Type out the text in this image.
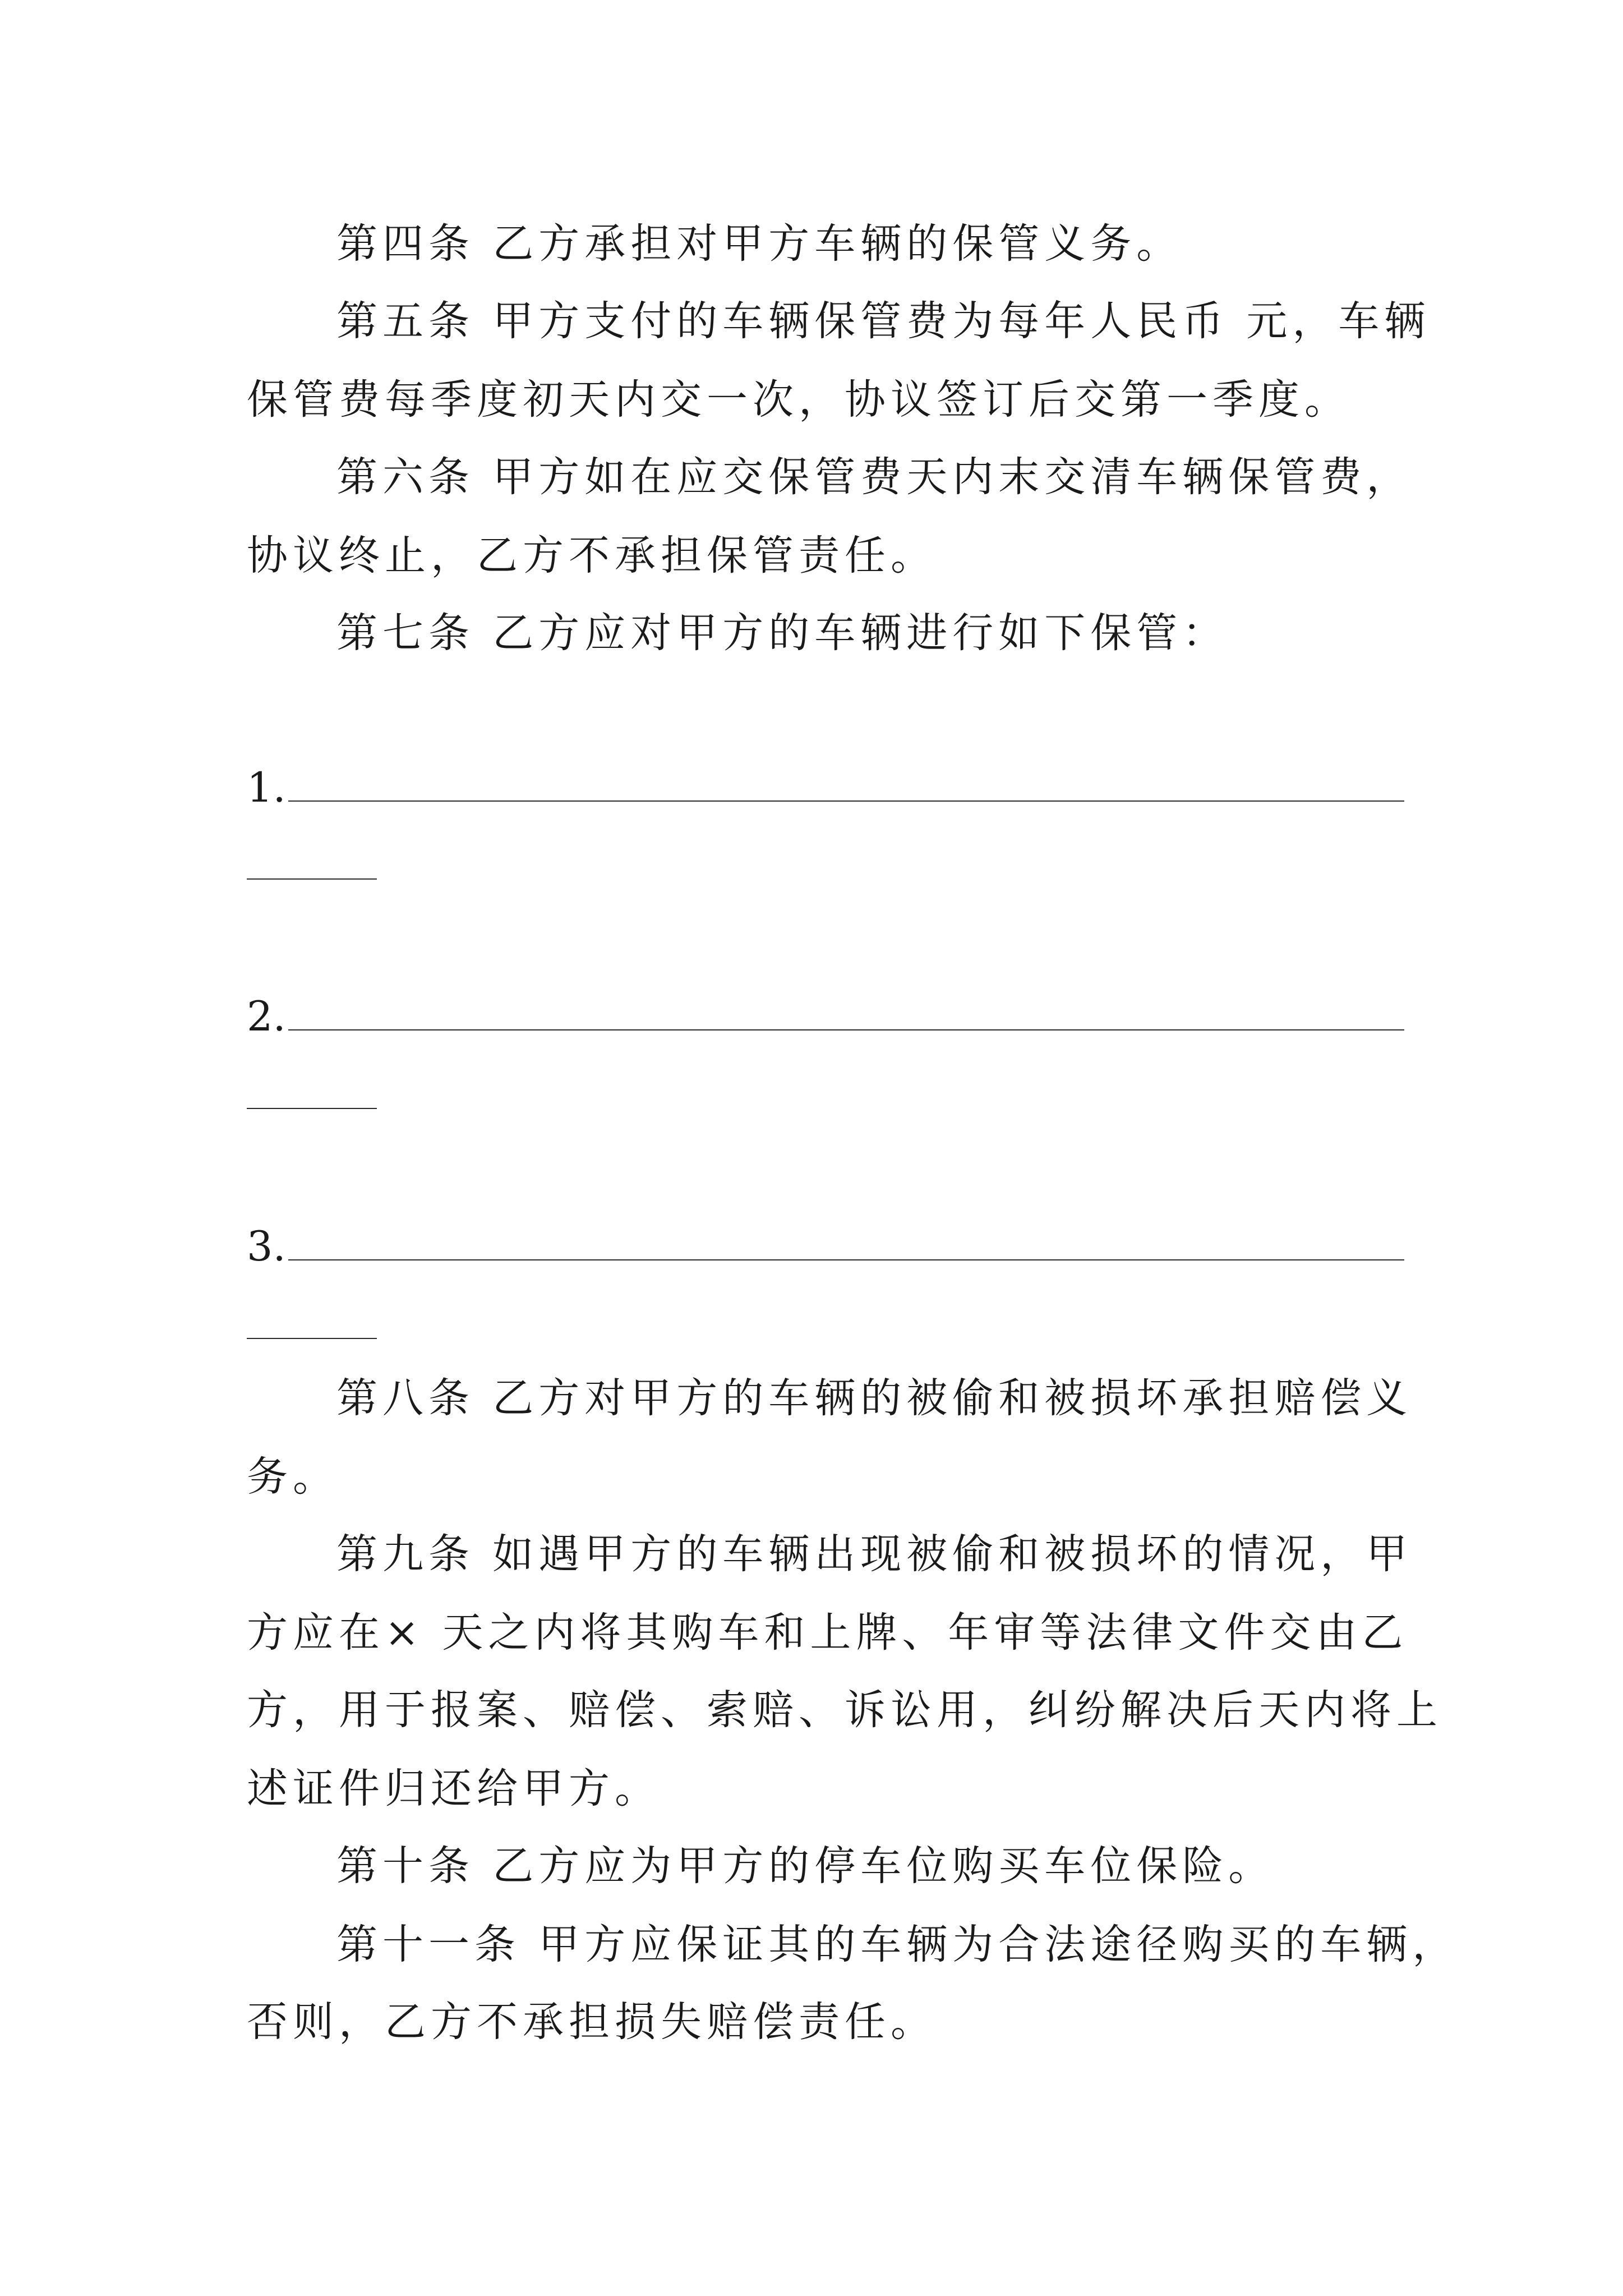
第四条 乙方承担对甲方车辆的保管义务。
第五条 甲方支付的车辆保管费为每年人民币 元，车辆
保管费每季度初天内交一次，协议签订后交第一季度。
第六条 甲方如在应交保管费天内末交清车辆保管费，
协议终止，乙方不承担保管责任。
第七条 乙方应对甲方的车辆进行如下保管：
1.
2.
3.
第八条 乙方对甲方的车辆的被偷和被损坏承担赔偿义
务。
第九条 如遇甲方的车辆出现被偷和被损坏的情况，甲
方应在× 天之内将其购车和上牌、年审等法律文件交由乙
方，用于报案、赔偿、索赔、诉讼用，纠纷解决后天内将上
述证件归还给甲方。
第十条 乙方应为甲方的停车位购买车位保险。
第十一条 甲方应保证其的车辆为合法途径购买的车辆，
否则，乙方不承担损失赔偿责任。
